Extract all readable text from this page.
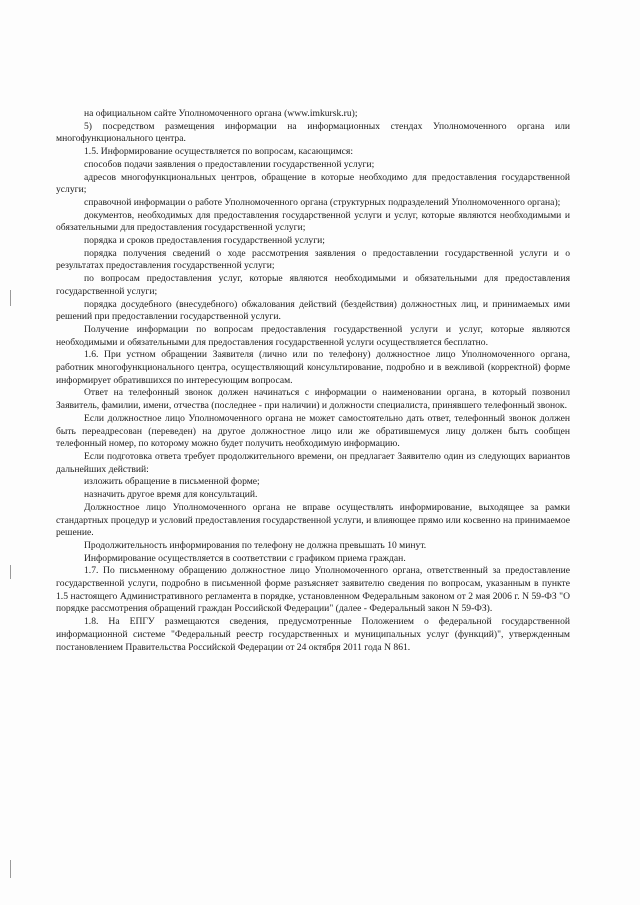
на официальном сайте Уполномоченного органа (www.imkursk.ru);

5) посредством размещения информации на информационных стендах Уполномоченного органа или многофункционального центра.

1.5. Информирование осуществляется по вопросам, касающимся:

способов подачи заявления о предоставлении государственной услуги;

адресов многофункциональных центров, обращение в которые необходимо для предоставления государственной услуги;

справочной информации о работе Уполномоченного органа (структурных подразделений Уполномоченного органа);

документов, необходимых для предоставления государственной услуги и услуг, которые являются необходимыми и обязательными для предоставления государственной услуги;

порядка и сроков предоставления государственной услуги;

порядка получения сведений о ходе рассмотрения заявления о предоставлении государственной услуги и о результатах предоставления государственной услуги;

по вопросам предоставления услуг, которые являются необходимыми и обязательными для предоставления государственной услуги;

порядка досудебного (внесудебного) обжалования действий (бездействия) должностных лиц, и принимаемых ими решений при предоставлении государственной услуги.

Получение информации по вопросам предоставления государственной услуги и услуг, которые являются необходимыми и обязательными для предоставления государственной услуги осуществляется бесплатно.

1.6. При устном обращении Заявителя (лично или по телефону) должностное лицо Уполномоченного органа, работник многофункционального центра, осуществляющий консультирование, подробно и в вежливой (корректной) форме информирует обратившихся по интересующим вопросам.

Ответ на телефонный звонок должен начинаться с информации о наименовании органа, в который позвонил Заявитель, фамилии, имени, отчества (последнее - при наличии) и должности специалиста, принявшего телефонный звонок.

Если должностное лицо Уполномоченного органа не может самостоятельно дать ответ, телефонный звонок должен быть переадресован (переведен) на другое должностное лицо или же обратившемуся лицу должен быть сообщен телефонный номер, по которому можно будет получить необходимую информацию.

Если подготовка ответа требует продолжительного времени, он предлагает Заявителю один из следующих вариантов дальнейших действий:

изложить обращение в письменной форме;

назначить другое время для консультаций.

Должностное лицо Уполномоченного органа не вправе осуществлять информирование, выходящее за рамки стандартных процедур и условий предоставления государственной услуги, и влияющее прямо или косвенно на принимаемое решение.

Продолжительность информирования по телефону не должна превышать 10 минут.

Информирование осуществляется в соответствии с графиком приема граждан.

1.7. По письменному обращению должностное лицо Уполномоченного органа, ответственный за предоставление государственной услуги, подробно в письменной форме разъясняет заявителю сведения по вопросам, указанным в пункте 1.5 настоящего Административного регламента в порядке, установленном Федеральным законом от 2 мая 2006 г. N 59-ФЗ "О порядке рассмотрения обращений граждан Российской Федерации" (далее - Федеральный закон N 59-ФЗ).

1.8. На ЕПГУ размещаются сведения, предусмотренные Положением о федеральной государственной информационной системе "Федеральный реестр государственных и муниципальных услуг (функций)", утвержденным постановлением Правительства Российской Федерации от 24 октября 2011 года N 861.
